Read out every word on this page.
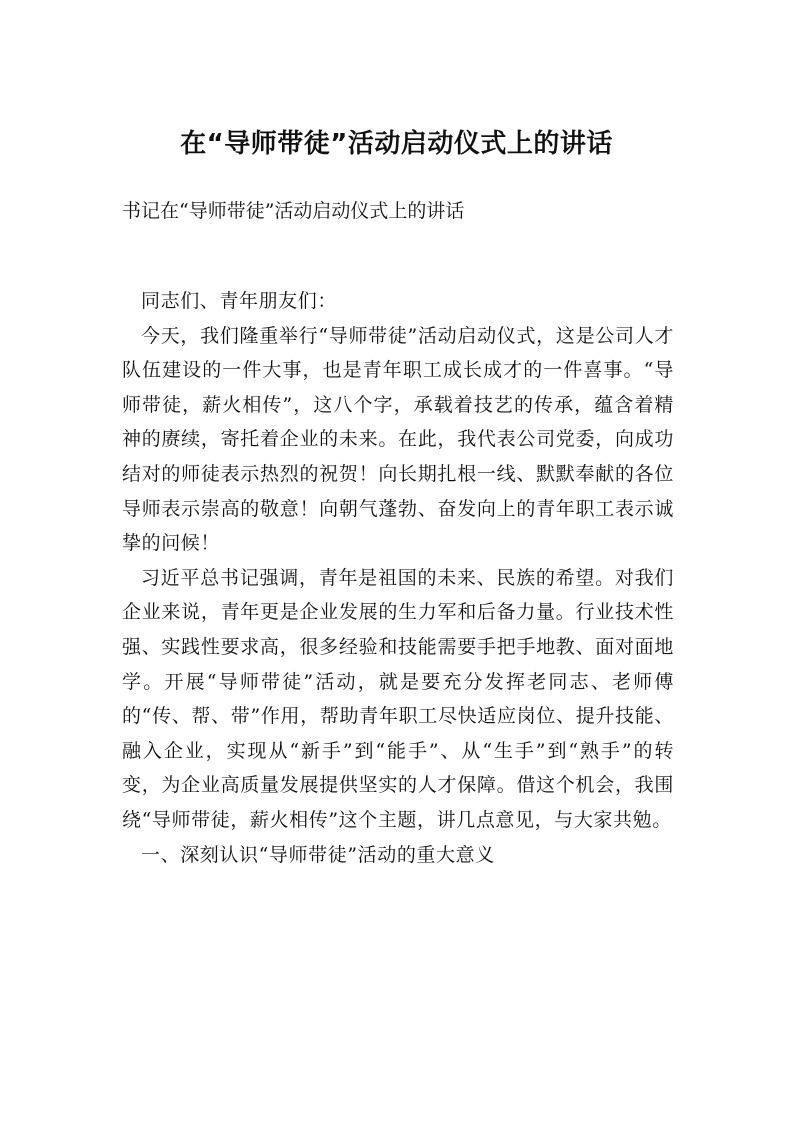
在“导师带徒”活动启动仪式上的讲话

书记在“导师带徒”活动启动仪式上的讲话

同志们、青年朋友们：

今天，我们隆重举行“导师带徒”活动启动仪式，这是公司人才队伍建设的一件大事，也是青年职工成长成才的一件喜事。“导师带徒，薪火相传”，这八个字，承载着技艺的传承，蕴含着精神的赓续，寄托着企业的未来。在此，我代表公司党委，向成功结对的师徒表示热烈的祝贺！向长期扎根一线、默默奉献的各位导师表示崇高的敬意！向朝气蓬勃、奋发向上的青年职工表示诚挚的问候！

习近平总书记强调，青年是祖国的未来、民族的希望。对我们企业来说，青年更是企业发展的生力军和后备力量。行业技术性强、实践性要求高，很多经验和技能需要手把手地教、面对面地学。开展“导师带徒”活动，就是要充分发挥老同志、老师傅的“传、帮、带”作用，帮助青年职工尽快适应岗位、提升技能、融入企业，实现从“新手”到“能手”、从“生手”到“熟手”的转变，为企业高质量发展提供坚实的人才保障。借这个机会，我围绕“导师带徒，薪火相传”这个主题，讲几点意见，与大家共勉。

一、深刻认识“导师带徒”活动的重大意义
